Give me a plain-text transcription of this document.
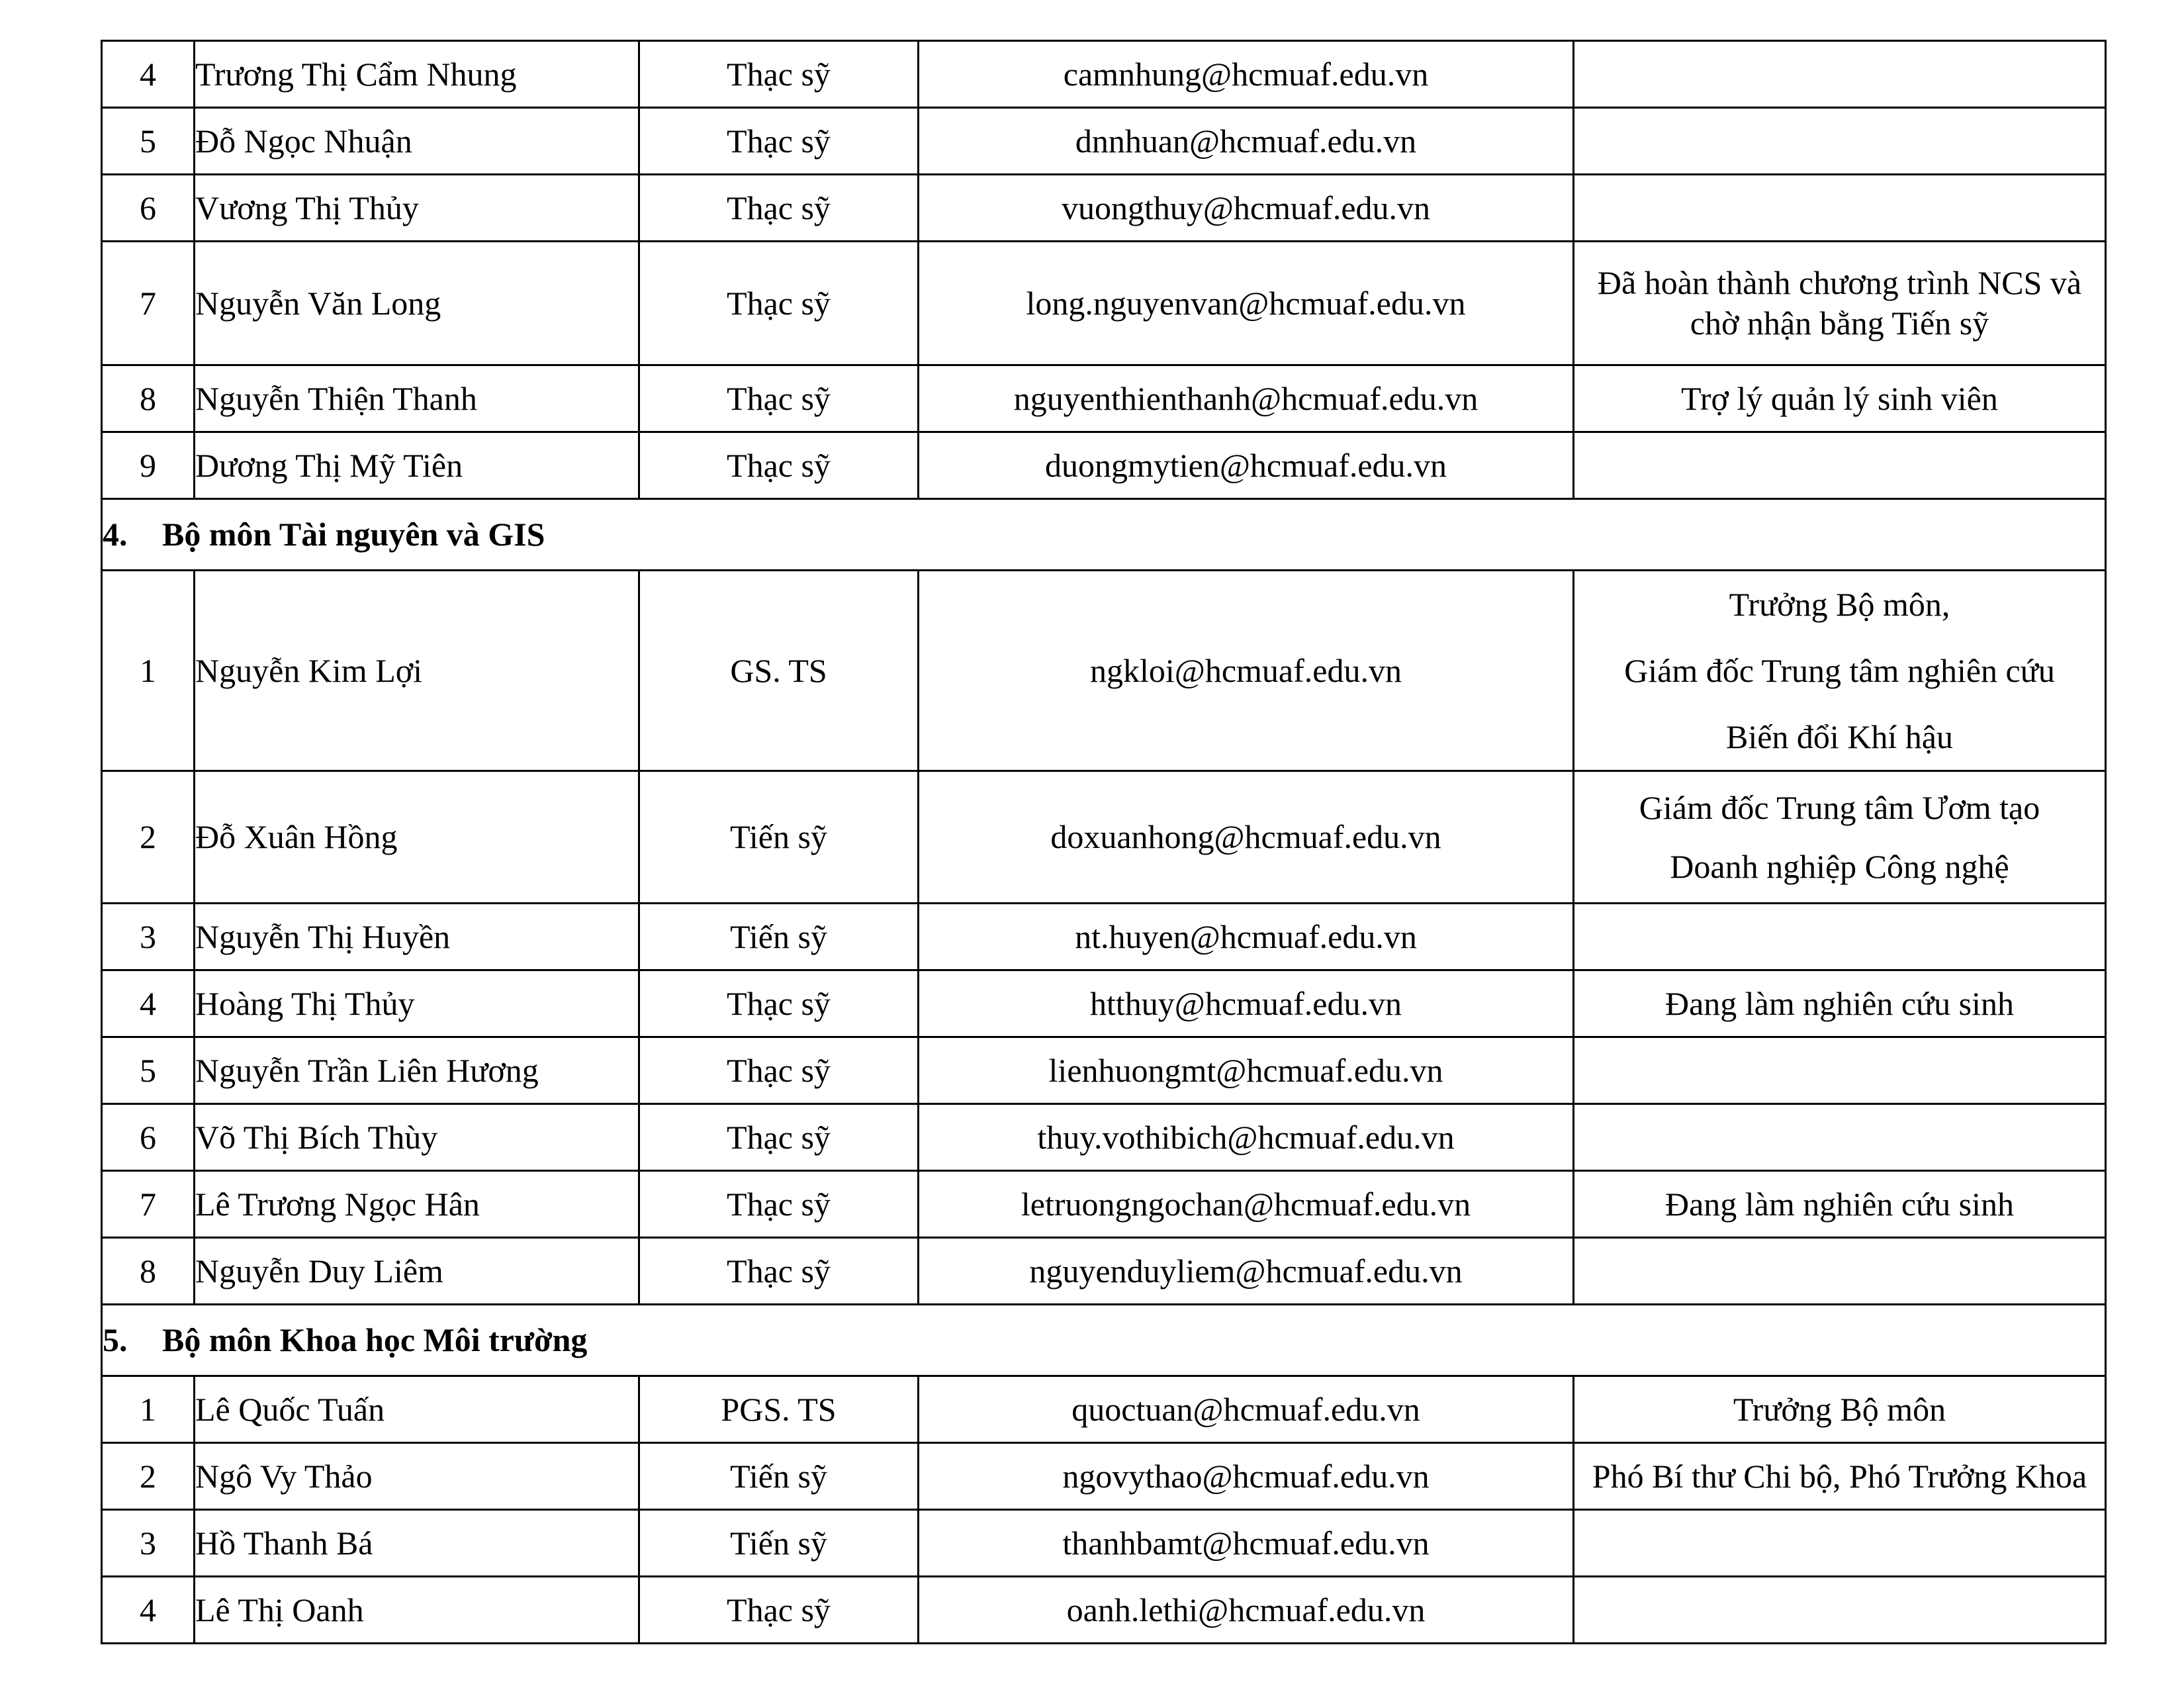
4	Trương Thị Cẩm Nhung	Thạc sỹ	camnhung@hcmuaf.edu.vn	
5	Đỗ Ngọc Nhuận	Thạc sỹ	dnnhuan@hcmuaf.edu.vn	
6	Vương Thị Thủy	Thạc sỹ	vuongthuy@hcmuaf.edu.vn	
7	Nguyễn Văn Long	Thạc sỹ	long.nguyenvan@hcmuaf.edu.vn	Đã hoàn thành chương trình NCS và
chờ nhận bằng Tiến sỹ

8	Nguyễn Thiện Thanh	Thạc sỹ	nguyenthienthanh@hcmuaf.edu.vn	Trợ lý quản lý sinh viên

9	Dương Thị Mỹ Tiên	Thạc sỹ	duongmytien@hcmuaf.edu.vn	
4. Bộ môn Tài nguyên và GIS				
1	Nguyễn Kim Lợi	GS. TS	ngkloi@hcmuaf.edu.vn	Trưởng Bộ môn,
Giám đốc Trung tâm nghiên cứu
Biến đổi Khí hậu

2	Đỗ Xuân Hồng	Tiến sỹ	doxuanhong@hcmuaf.edu.vn	Giám đốc Trung tâm Ươm tạo
Doanh nghiệp Công nghệ

3	Nguyễn Thị Huyền	Tiến sỹ	nt.huyen@hcmuaf.edu.vn	
4	Hoàng Thị Thủy	Thạc sỹ	htthuy@hcmuaf.edu.vn	Đang làm nghiên cứu sinh

5	Nguyễn Trần Liên Hương	Thạc sỹ	lienhuongmt@hcmuaf.edu.vn	
6	Võ Thị Bích Thùy	Thạc sỹ	thuy.vothibich@hcmuaf.edu.vn	
7	Lê Trương Ngọc Hân	Thạc sỹ	letruongngochan@hcmuaf.edu.vn	Đang làm nghiên cứu sinh

8	Nguyễn Duy Liêm	Thạc sỹ	nguyenduyliem@hcmuaf.edu.vn	
5. Bộ môn Khoa học Môi trường				
1	Lê Quốc Tuấn	PGS. TS	quoctuan@hcmuaf.edu.vn	Trưởng Bộ môn

2	Ngô Vy Thảo	Tiến sỹ	ngovythao@hcmuaf.edu.vn	Phó Bí thư Chi bộ, Phó Trưởng Khoa

3	Hồ Thanh Bá	Tiến sỹ	thanhbamt@hcmuaf.edu.vn	
4	Lê Thị Oanh	Thạc sỹ	oanh.lethi@hcmuaf.edu.vn	
